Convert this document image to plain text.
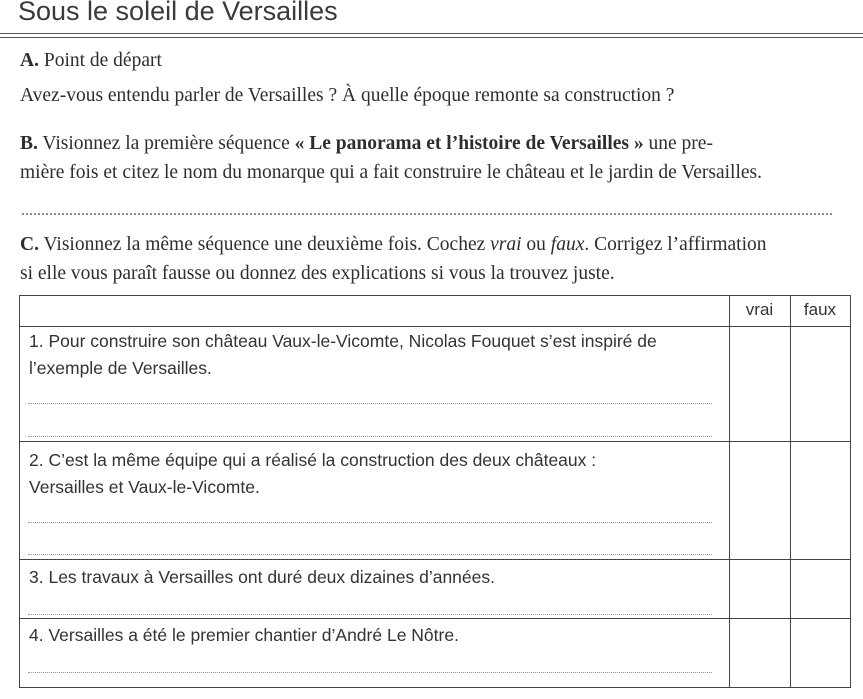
Sous le soleil de Versailles
A. Point de départ
Avez-vous entendu parler de Versailles ? À quelle époque remonte sa construction ?
B. Visionnez la première séquence « Le panorama et l’histoire de Versailles » une pre-
mière fois et citez le nom du monarque qui a fait construire le château et le jardin de Versailles.
C. Visionnez la même séquence une deuxième fois. Cochez vrai ou faux. Corrigez l’affirmation
si elle vous paraît fausse ou donnez des explications si vous la trouvez juste.
vrai	faux
1. Pour construire son château Vaux-le-Vicomte, Nicolas Fouquet s’est inspiré de
l’exemple de Versailles.
2. C’est la même équipe qui a réalisé la construction des deux châteaux :
Versailles et Vaux-le-Vicomte.
3. Les travaux à Versailles ont duré deux dizaines d’années.
4. Versailles a été le premier chantier d’André Le Nôtre.
